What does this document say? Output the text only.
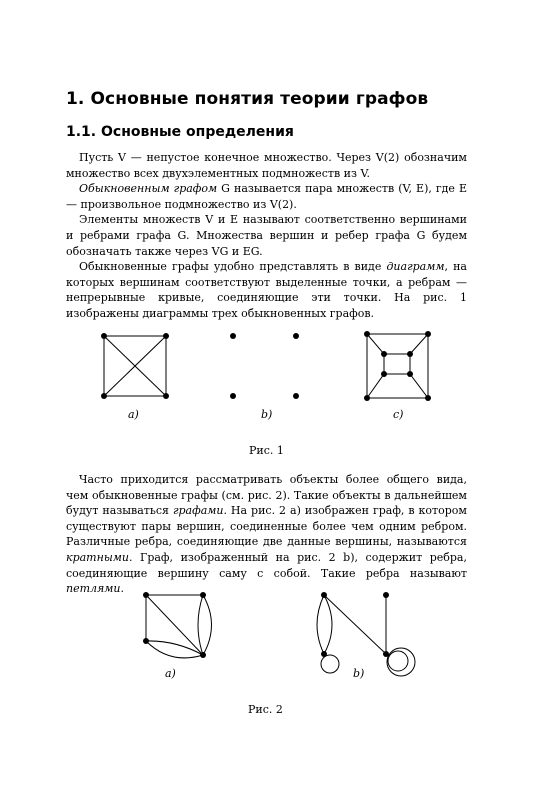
1. Основные понятия теории графов
1.1. Основные определения

Пусть V — непустое конечное множество. Через V(2) обозначим множество всех двухэлементных подмножеств из V.

Обыкновенным графом G называется пара множеств (V, E), где E — произвольное подмножество из V(2).

Элементы множеств V и E называют соответственно вершинами и ребрами графа G. Множества вершин и ребер графа G будем обозначать также через VG и EG.

Обыкновенные графы удобно представлять в виде диаграмм, на которых вершинам соответствуют выделенные точки, а ребрам — непрерывные кривые, соединяющие эти точки. На рис. 1 изображены диаграммы трех обыкновенных графов.

a)	b)	c)
Рис. 1

Часто приходится рассматривать объекты более общего вида, чем обыкновенные графы (см. рис. 2). Такие объекты в дальнейшем будут называться графами. На рис. 2 a) изображен граф, в котором существуют пары вершин, соединенные более чем одним ребром. Различные ребра, соединяющие две данные вершины, называются кратными. Граф, изображенный на рис. 2 b), содержит ребра, соединяющие вершину саму с собой. Такие ребра называют петлями.

a)	b)
Рис. 2
